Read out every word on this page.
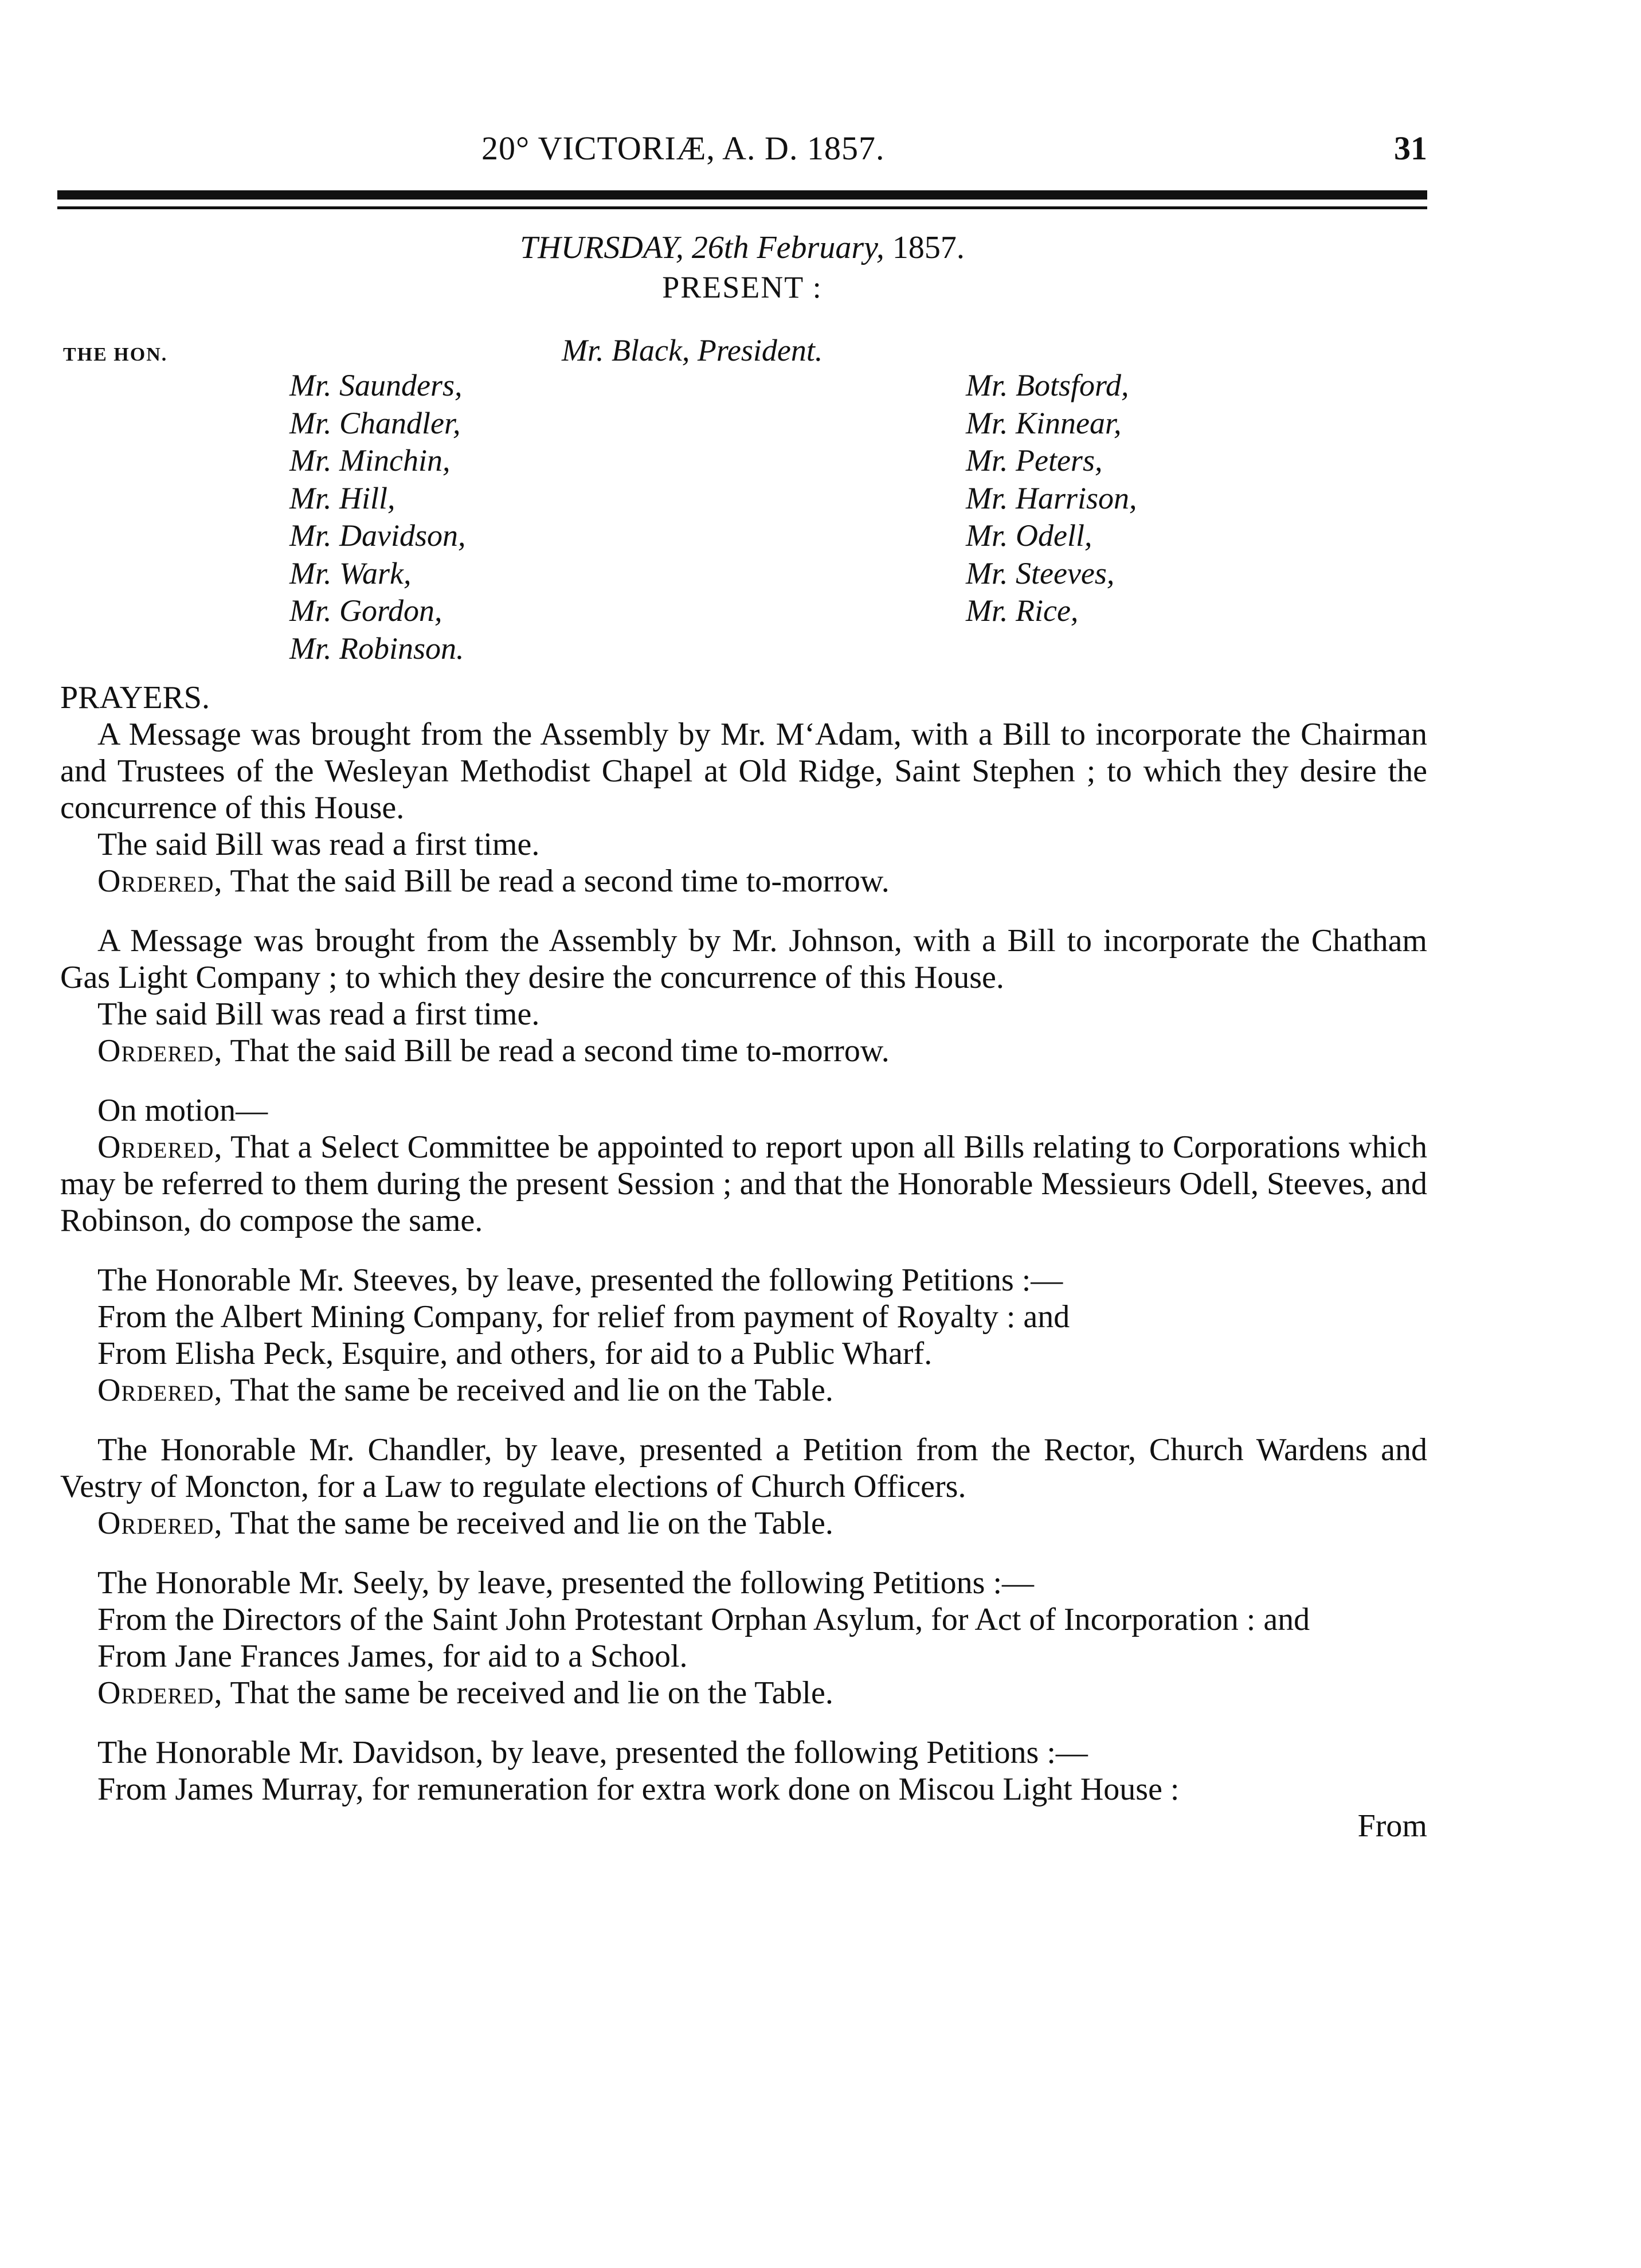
20° VICTORIÆ, A. D. 1857.	31
THURSDAY, 26th February, 1857.
PRESENT :
THE HON.	Mr. Black, President.
Mr. Saunders,
Mr. Chandler,
Mr. Minchin,
Mr. Hill,
Mr. Davidson,
Mr. Wark,
Mr. Gordon,
Mr. Robinson.
Mr. Botsford,
Mr. Kinnear,
Mr. Peters,
Mr. Harrison,
Mr. Odell,
Mr. Steeves,
Mr. Rice,

PRAYERS.

A Message was brought from the Assembly by Mr. M‘Adam, with a Bill to incorporate the Chairman and Trustees of the Wesleyan Methodist Chapel at Old Ridge, Saint Stephen ; to which they desire the concurrence of this House.

The said Bill was read a first time.

Ordered, That the said Bill be read a second time to-morrow.

A Message was brought from the Assembly by Mr. Johnson, with a Bill to incorporate the Chatham Gas Light Company ; to which they desire the concurrence of this House.

The said Bill was read a first time.

Ordered, That the said Bill be read a second time to-morrow.

On motion—

Ordered, That a Select Committee be appointed to report upon all Bills relating to Corporations which may be referred to them during the present Session ; and that the Honorable Messieurs Odell, Steeves, and Robinson, do compose the same.

The Honorable Mr. Steeves, by leave, presented the following Petitions :—

From the Albert Mining Company, for relief from payment of Royalty : and

From Elisha Peck, Esquire, and others, for aid to a Public Wharf.

Ordered, That the same be received and lie on the Table.

The Honorable Mr. Chandler, by leave, presented a Petition from the Rector, Church Wardens and Vestry of Moncton, for a Law to regulate elections of Church Officers.

Ordered, That the same be received and lie on the Table.

The Honorable Mr. Seely, by leave, presented the following Petitions :—

From the Directors of the Saint John Protestant Orphan Asylum, for Act of Incorporation : and

From Jane Frances James, for aid to a School.

Ordered, That the same be received and lie on the Table.

The Honorable Mr. Davidson, by leave, presented the following Petitions :—

From James Murray, for remuneration for extra work done on Miscou Light House :

From
